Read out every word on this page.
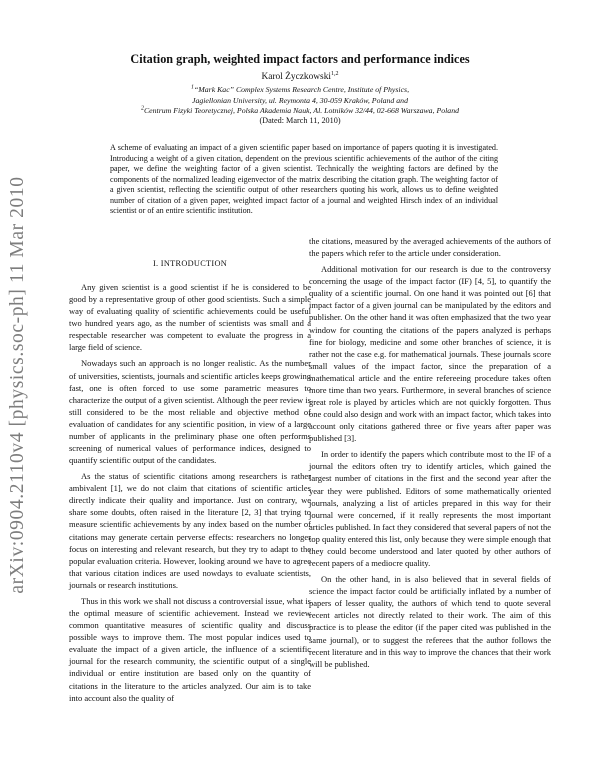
arXiv:0904.2110v4 [physics.soc-ph] 11 Mar 2010
Citation graph, weighted impact factors and performance indices
Karol Życzkowski$^{1,2}$
$^1$“Mark Kac” Complex Systems Research Centre, Institute of Physics,
Jagiellonian University, ul. Reymonta 4, 30-059 Kraków, Poland and
$^2$Centrum Fizyki Teoretycznej, Polska Akademia Nauk, Al. Lotników 32/44, 02-668 Warszawa, Poland
(Dated: March 11, 2010)
A scheme of evaluating an impact of a given scientific paper based on importance of papers quoting it is investigated. Introducing a weight of a given citation, dependent on the previous scientific achievements of the author of the citing paper, we define the weighting factor of a given scientist. Technically the weighting factors are defined by the components of the normalized leading eigenvector of the matrix describing the citation graph. The weighting factor of a given scientist, reflecting the scientific output of other researchers quoting his work, allows us to define weighted number of citation of a given paper, weighted impact factor of a journal and weighted Hirsch index of an individual scientist or of an entire scientific institution.
I. INTRODUCTION

Any given scientist is a good scientist if he is considered to be good by a representative group of other good scientists. Such a simple way of evaluating quality of scientific achievements could be useful two hundred years ago, as the number of scientists was small and a respectable researcher was competent to evaluate the progress in a large field of science.

Nowadays such an approach is no longer realistic. As the number of universities, scientists, journals and scientific articles keeps growing fast, one is often forced to use some parametric measures to characterize the output of a given scientist. Although the peer review is still considered to be the most reliable and objective method of evaluation of candidates for any scientific position, in view of a large number of applicants in the preliminary phase one often performs screening of numerical values of performance indices, designed to quantify scientific output of the candidates.

As the status of scientific citations among researchers is rather ambivalent [1], we do not claim that citations of scientific articles directly indicate their quality and importance. Just on contrary, we share some doubts, often raised in the literature [2, 3] that trying to measure scientific achievements by any index based on the number of citations may generate certain perverse effects: researchers no longer focus on interesting and relevant research, but they try to adapt to the popular evaluation criteria. However, looking around we have to agree that various citation indices are used nowdays to evaluate scientists, journals or research institutions.

Thus in this work we shall not discuss a controversial issue, what is the optimal measure of scientific achievement. Instead we review common quantitative measures of scientific quality and discuss possible ways to improve them. The most popular indices used to evaluate the impact of a given article, the influence of a scientific journal for the research community, the scientific output of a single individual or entire institution are based only on the quantity of citations in the literature to the articles analyzed. Our aim is to take into account also the quality of

the citations, measured by the averaged achievements of the authors of the papers which refer to the article under consideration.

Additional motivation for our research is due to the controversy concerning the usage of the impact factor (IF) [4, 5], to quantify the quality of a scientific journal. On one hand it was pointed out [6] that impact factor of a given journal can be manipulated by the editors and publisher. On the other hand it was often emphasized that the two year window for counting the citations of the papers analyzed is perhaps fine for biology, medicine and some other branches of science, it is rather not the case e.g. for mathematical journals. These journals score small values of the impact factor, since the preparation of a mathematical article and the entire refereeing procedure takes often more time than two years. Furthermore, in several branches of science great role is played by articles which are not quickly forgotten. Thus one could also design and work with an impact factor, which takes into account only citations gathered three or five years after paper was published [3].

In order to identify the papers which contribute most to the IF of a journal the editors often try to identify articles, which gained the largest number of citations in the first and the second year after the year they were published. Editors of some mathematically oriented journals, analyzing a list of articles prepared in this way for their journal were concerned, if it really represents the most important articles published. In fact they considered that several papers of not the top quality entered this list, only because they were simple enough that they could become understood and later quoted by other authors of recent papers of a mediocre quality.

On the other hand, in is also believed that in several fields of science the impact factor could be artificially inflated by a number of papers of lesser quality, the authors of which tend to quote several recent articles not directly related to their work. The aim of this practice is to please the editor (if the paper cited was published in the same journal), or to suggest the referees that the author follows the recent literature and in this way to improve the chances that their work will be published.
